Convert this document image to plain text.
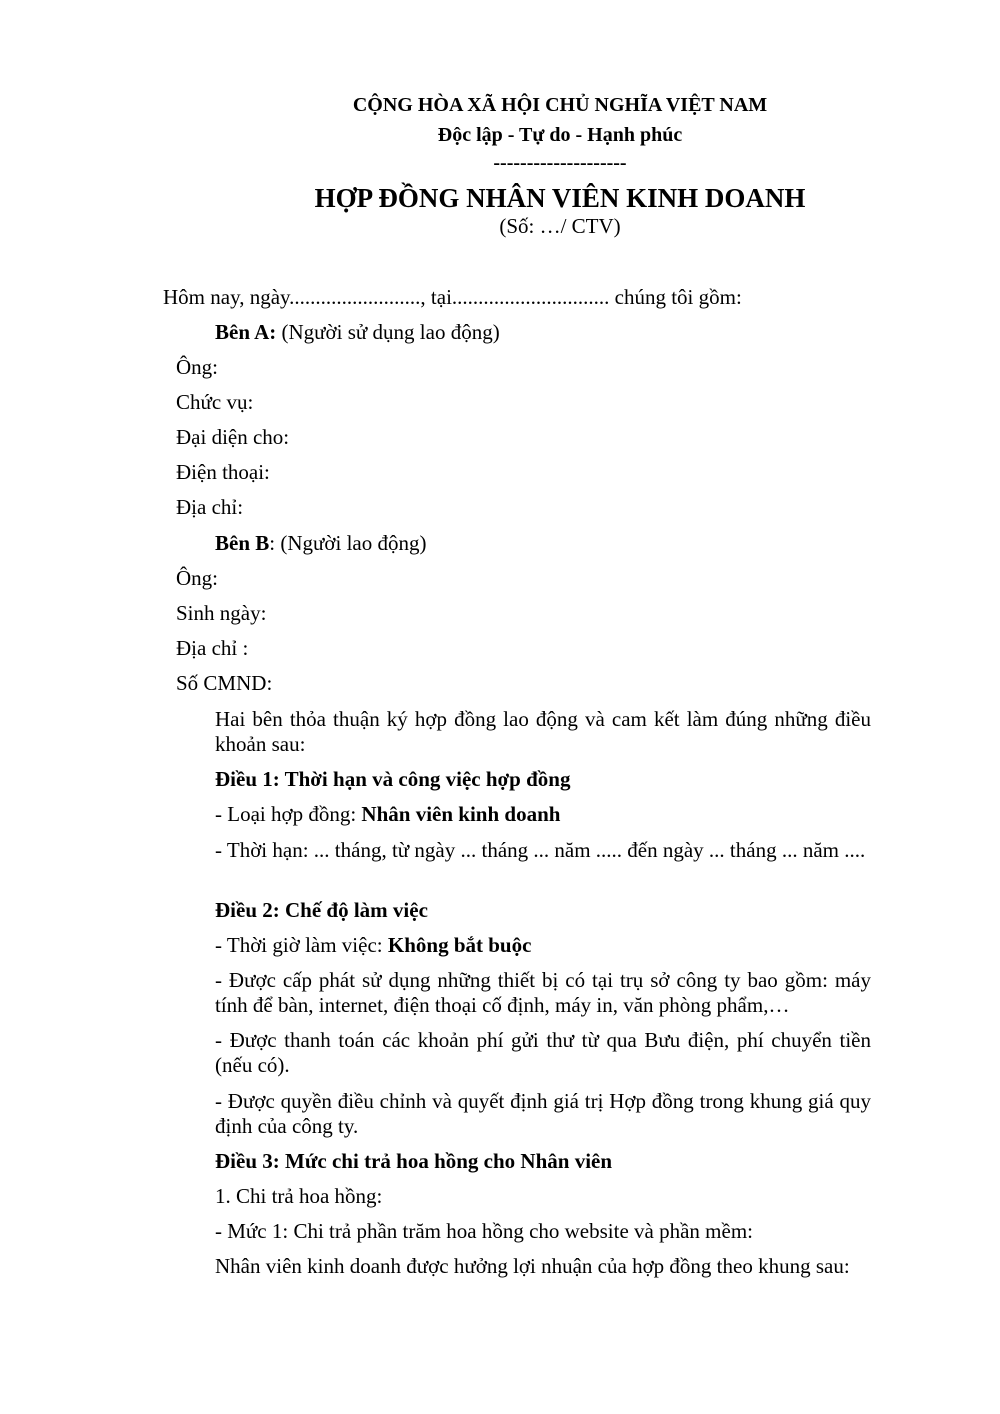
CỘNG HÒA XÃ HỘI CHỦ NGHĨA VIỆT NAM
Độc lập - Tự do - Hạnh phúc
--------------------
HỢP ĐỒNG NHÂN VIÊN KINH DOANH
(Số: …/ CTV)
Hôm nay, ngày........................., tại.............................. chúng tôi gồm:
Bên A: (Người sử dụng lao động)
Ông:
Chức vụ:
Đại diện cho:
Điện thoại:
Địa chỉ:
Bên B: (Người lao động)
Ông:
Sinh ngày:
Địa chỉ :
Số CMND:
Hai bên thỏa thuận ký hợp đồng lao động và cam kết làm đúng những điều khoản sau:
Điều 1: Thời hạn và công việc hợp đồng
- Loại hợp đồng: Nhân viên kinh doanh
- Thời hạn: ... tháng, từ ngày ... tháng ... năm ..... đến ngày ... tháng ... năm ....
Điều 2: Chế độ làm việc
- Thời giờ làm việc: Không bắt buộc
- Được cấp phát sử dụng những thiết bị có tại trụ sở công ty bao gồm: máy tính để bàn, internet, điện thoại cố định, máy in, văn phòng phẩm,…
- Được thanh toán các khoản phí gửi thư từ qua Bưu điện, phí chuyển tiền (nếu có).
- Được quyền điều chỉnh và quyết định giá trị Hợp đồng trong khung giá quy định của công ty.
Điều 3: Mức chi trả hoa hồng cho Nhân viên
1. Chi trả hoa hồng:
- Mức 1: Chi trả phần trăm hoa hồng cho website và phần mềm:
Nhân viên kinh doanh được hưởng lợi nhuận của hợp đồng theo khung sau:
